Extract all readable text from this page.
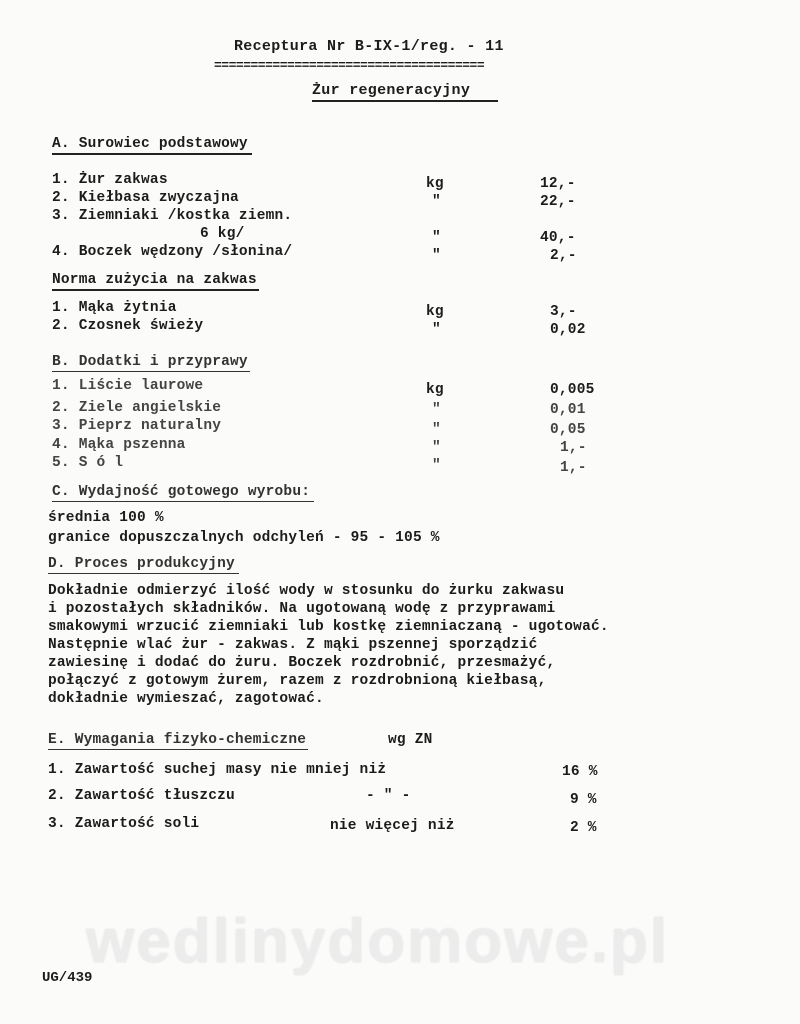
Receptura Nr B-IX-1/reg. - 11
=====================================
Żur regeneracyjny
A. Surowiec podstawowy
1. Żur zakwas	kg	12,-
2. Kiełbasa zwyczajna	"	22,-
3. Ziemniaki /kostka ziemn.
6 kg/	"	40,-
4. Boczek wędzony /słonina/	"	2,-
Norma zużycia na zakwas
1. Mąka żytnia	kg	3,-
2. Czosnek świeży	"	0,02
B. Dodatki i przyprawy
1. Liście laurowe	kg	0,005
2. Ziele angielskie	"	0,01
3. Pieprz naturalny	"	0,05
4. Mąka pszenna	"	1,-
5. S ó l	"	1,-
C. Wydajność gotowego wyrobu:
średnia 100 %
granice dopuszczalnych odchyleń - 95 - 105 %
D. Proces produkcyjny
Dokładnie odmierzyć ilość wody w stosunku do żurku zakwasu
i pozostałych składników. Na ugotowaną wodę z przyprawami
smakowymi wrzucić ziemniaki lub kostkę ziemniaczaną - ugotować.
Następnie wlać żur - zakwas. Z mąki pszennej sporządzić
zawiesinę i dodać do żuru. Boczek rozdrobnić, przesmażyć,
połączyć z gotowym żurem, razem z rozdrobnioną kiełbasą,
dokładnie wymieszać, zagotować.
E. Wymagania fizyko-chemiczne	wg ZN
1. Zawartość suchej masy nie mniej niż	16 %
2. Zawartość tłuszczu	- " -	9 %
3. Zawartość soli	nie więcej niż	2 %
wedlinydomowe.pl
UG/439
